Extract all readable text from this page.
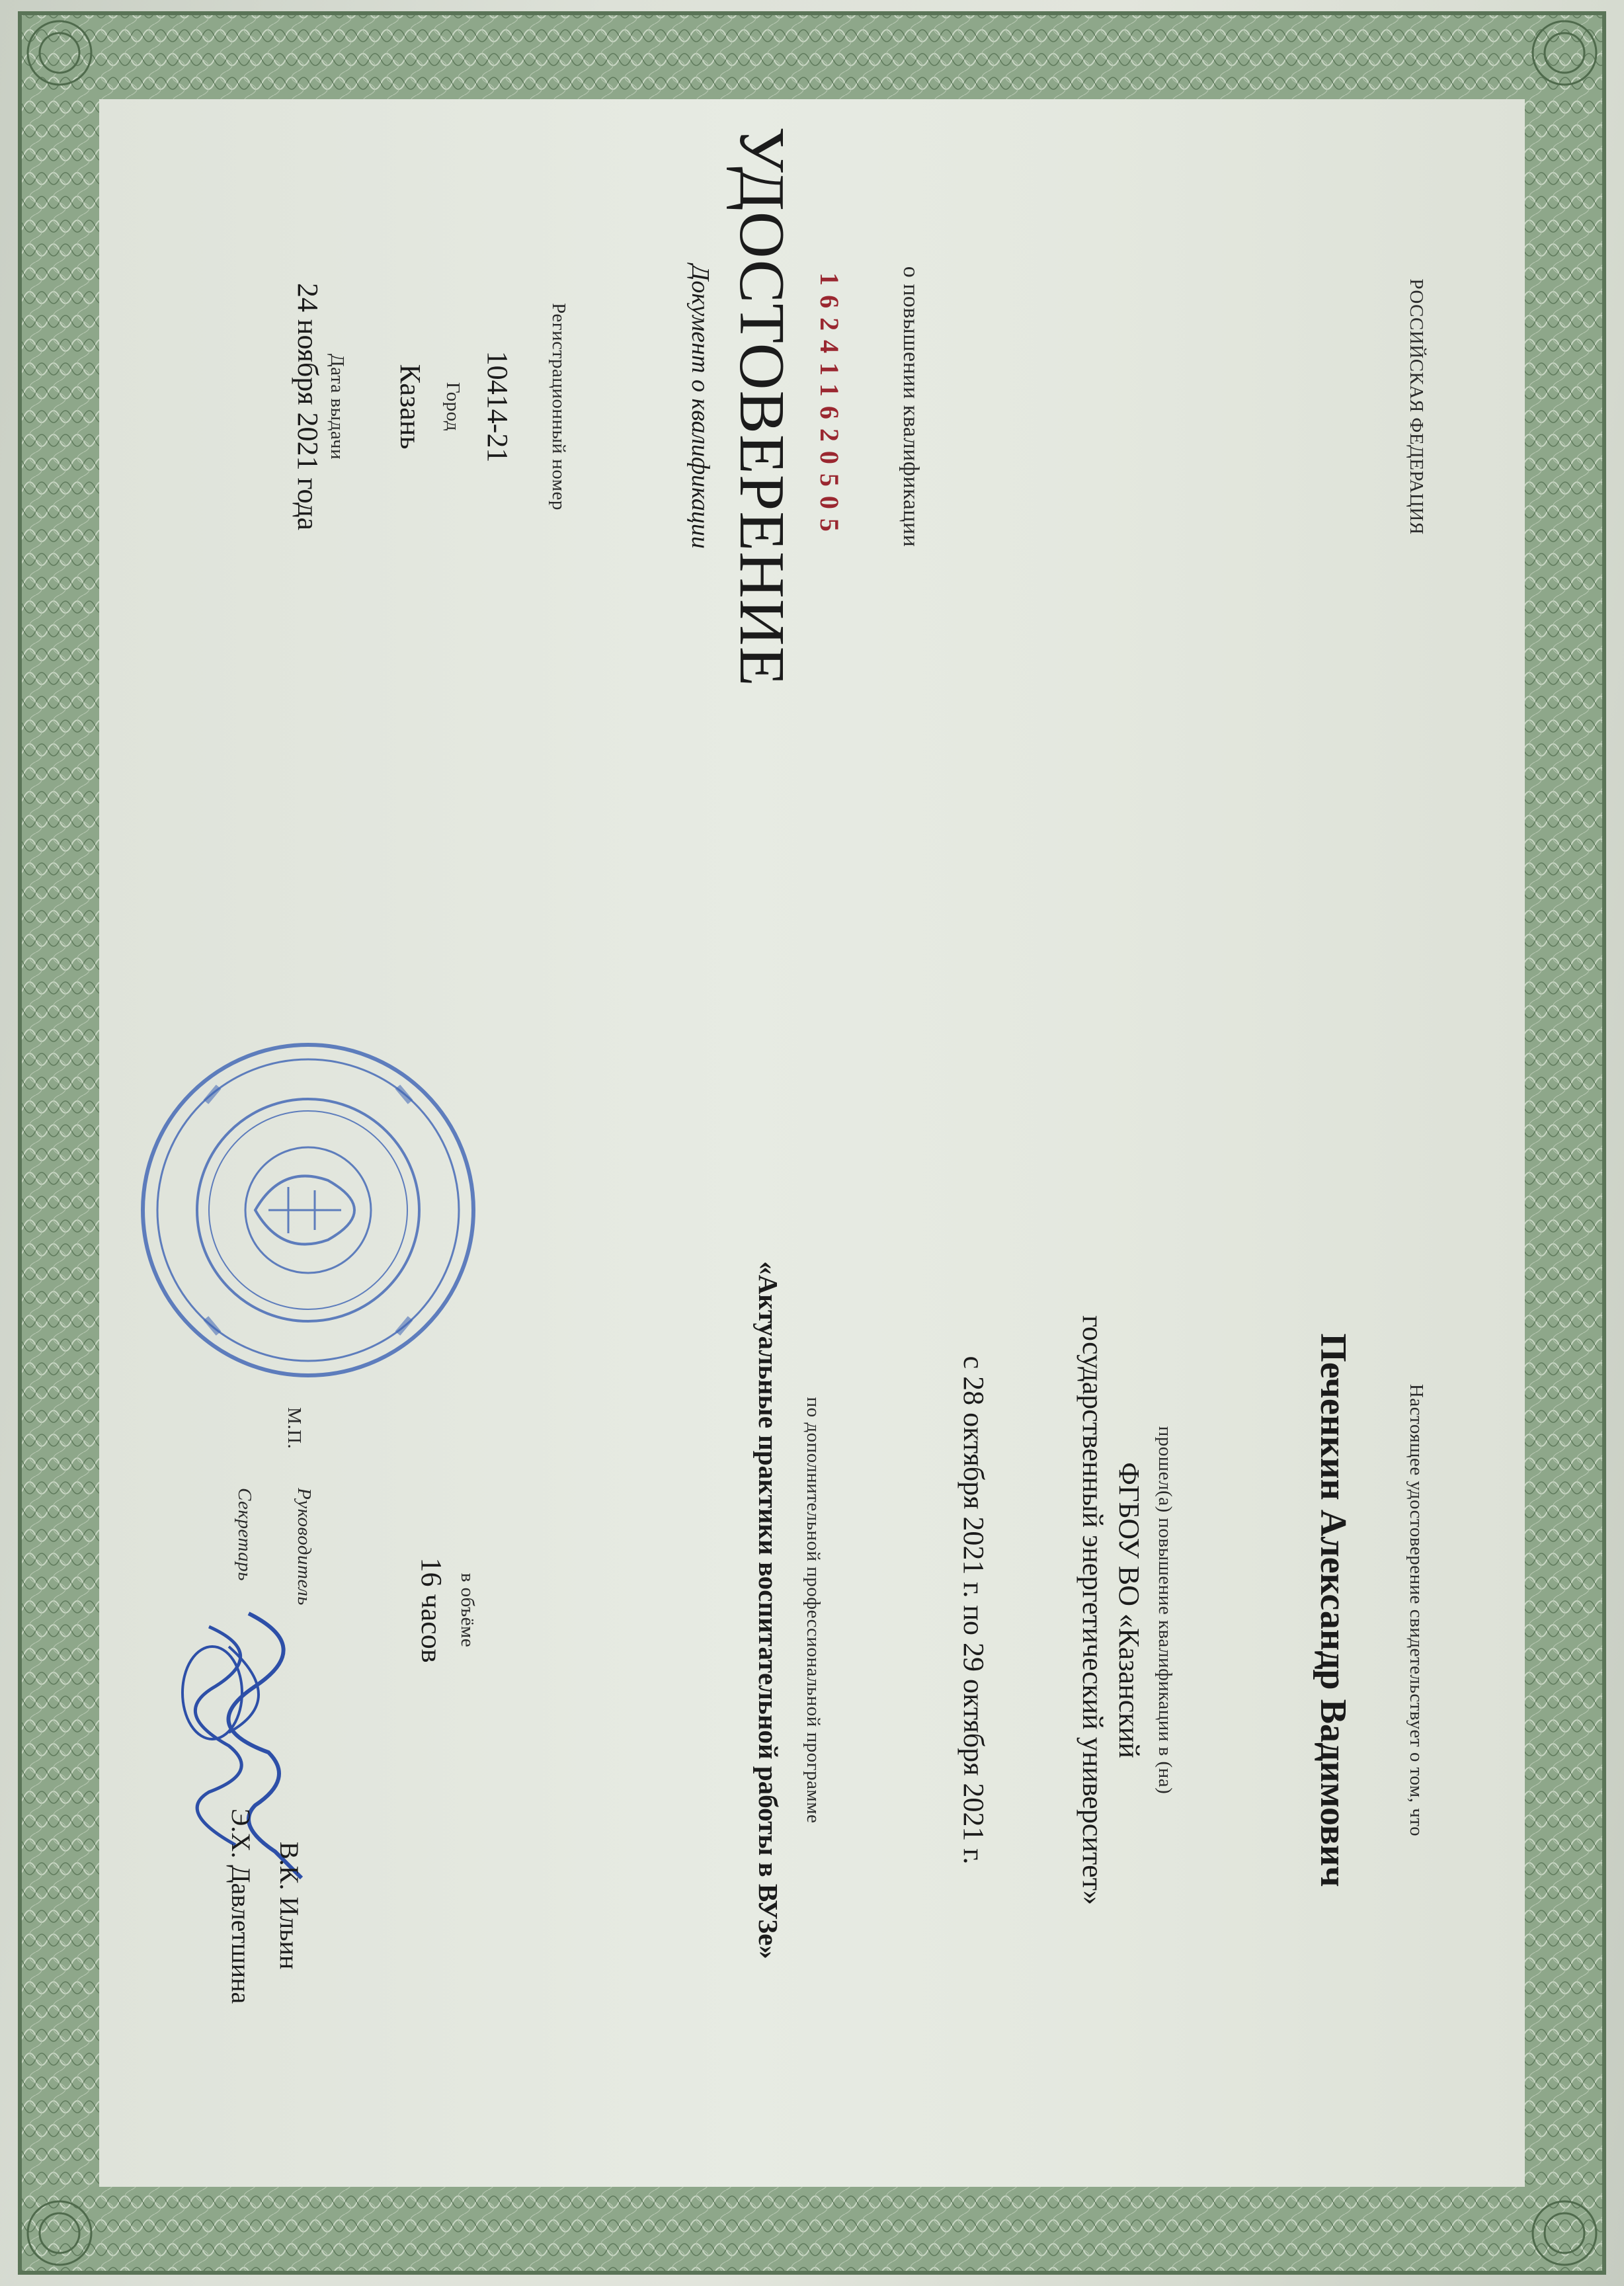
РОССИЙСКАЯ ФЕДЕРАЦИЯ
УДОСТОВЕРЕНИЕ	о повышении квалификации
162411620505
Документ о квалификации
Регистрационный номер
10414-21
Город
Казань
Дата выдачи
24 ноября 2021 года
Настоящее удостоверение свидетельствует о том, что
Печенкин Александр Вадимович
прошел(а) повышение квалификации в (на)
ФГБОУ ВО «Казанский
государственный энергетический университет»
с 28 октября 2021 г. по 29 октября 2021 г.
по дополнительной профессиональной программе
«Актуальные практики воспитательной работы в ВУЗе»
в объёме
16 часов
М.П.
Руководитель
В.К. Ильин
Секретарь
Э.Х. Давлетшина
